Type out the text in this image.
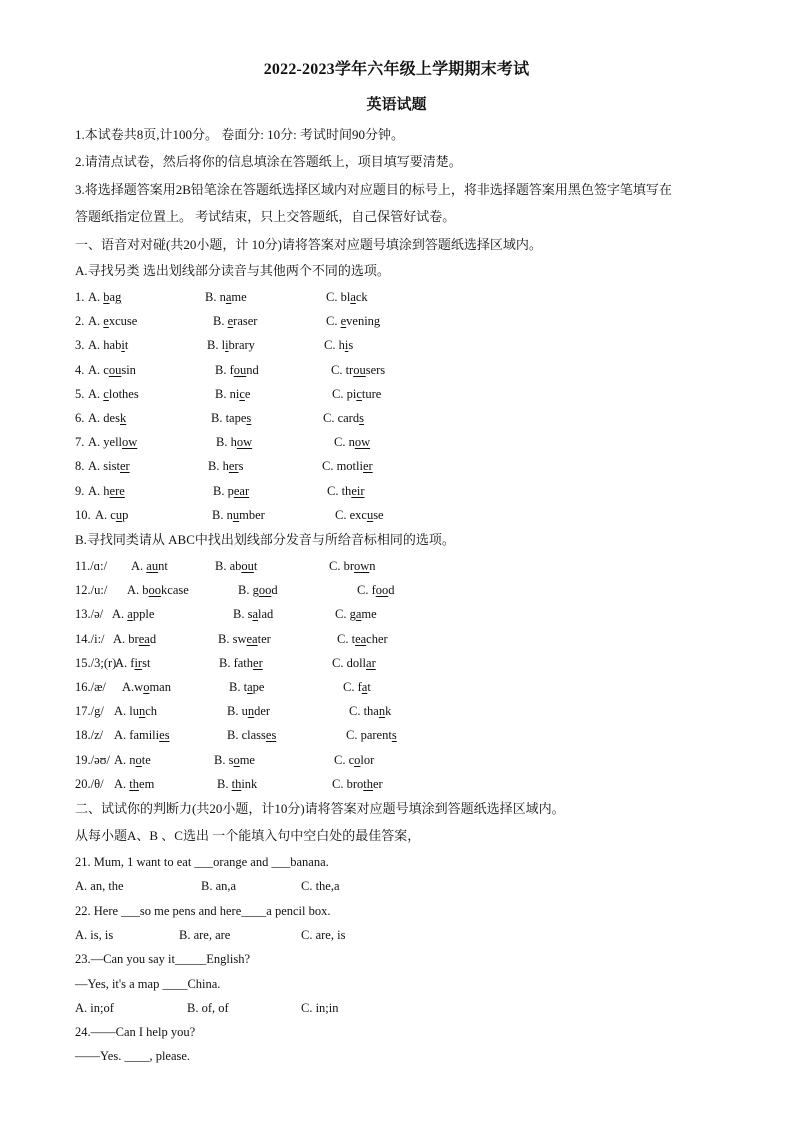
2022-2023学年六年级上学期期末考试
英语试题
1.本试卷共8页,计100分。 卷面分: 10分: 考试时间90分钟。
2.请清点试卷，然后将你的信息填涂在答题纸上，项目填写要清楚。
3.将选择题答案用2B铅笔涂在答题纸选择区域内对应题目的标号上，将非选择题答案用黑色签字笔填写在
答题纸指定位置上。 考试结束，只上交答题纸，自己保管好试卷。
一、语音对对碰(共20小题，计 10分)请将答案对应题号填涂到答题纸选择区域内。
A.寻找另类 选出划线部分读音与其他两个不同的选项。
1. A. bag	B. name	C. black
2. A. excuse	B. eraser	C. evening
3. A. habit	B. library	C. his
4. A. cousin	B. found	C. trousers
5. A. clothes	B. nice	C. picture
6. A. desk	B. tapes	C. cards
7. A. yellow	B. how	C. now
8. A. sister	B. hers	C. motlier
9. A. here	B. pear	C. their
10. A. cup	B. number	C. excuse
B.寻找同类请从 ABC中找出划线部分发音与所给音标相同的选项。
11./ɑ:/ A. aunt	B. about	C. brown
12./u:/ A. bookcase	B. good	C. food
13./ə/ A. apple	B. salad	C. game
14./i:/ A. bread	B. sweater	C. teacher
15./3;(r)/
A. first	B. father	C. dollar
16./æ/ A.woman	B. tape	C. fat
17./g/ A. lunch	B. under	C. thank
18./z/ A. families	B. classes	C. parents
19./əʊ/ A. note	B. some	C. color
20./θ/ A. them	B. think	C. brother
二、试试你的判断力(共20小题，计10分)请将答案对应题号填涂到答题纸选择区域内。
从每小题A、B 、C选出 一个能填入句中空白处的最佳答案，
21. Mum, 1 want to eat ___orange and ___banana.
A. an, the	B. an,a	C. the,a
22. Here ___so me pens and here____a pencil box.
A. is, is	B. are, are	C. are, is
23.—Can you say it_____English?
—Yes, it's a map ____China.
A. in;of	B. of, of	C. in;in
24.——Can I help you?
——Yes. ____, please.
